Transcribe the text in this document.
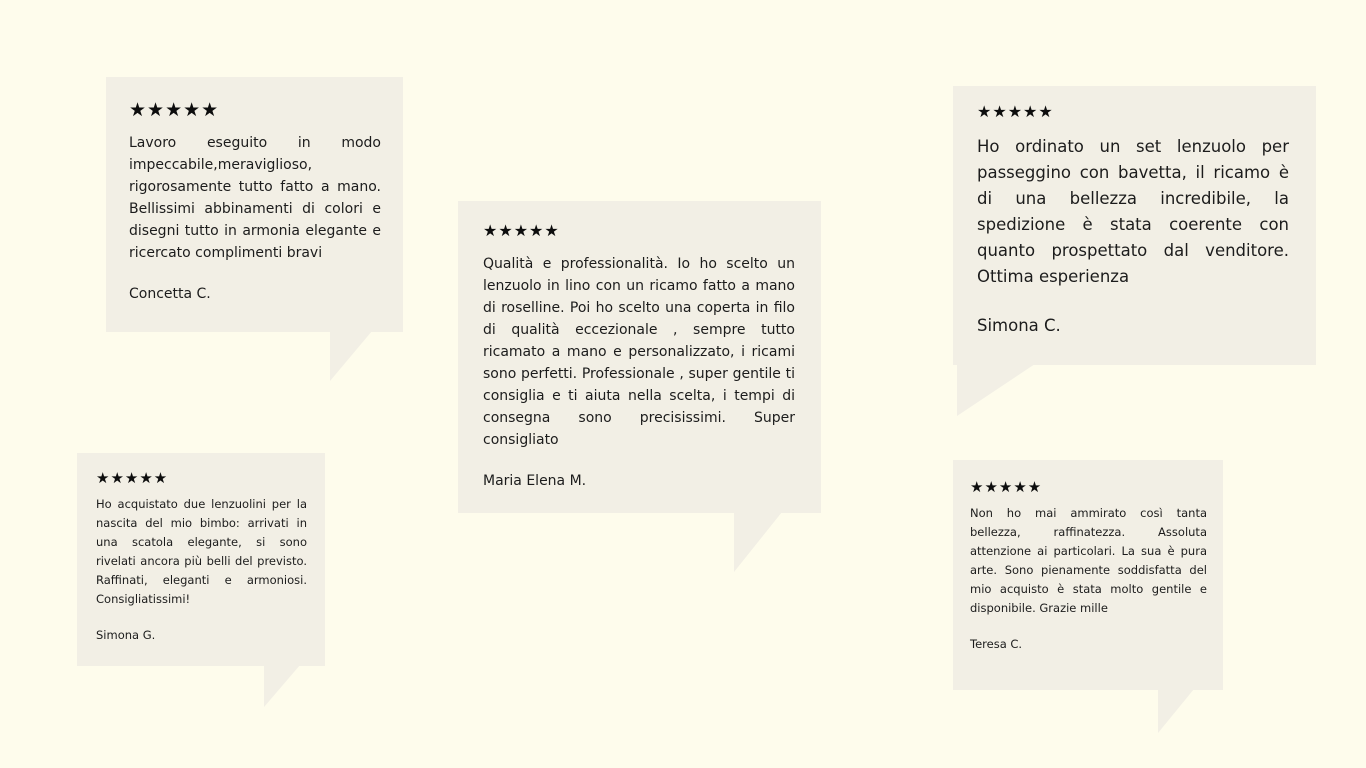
★★★★★

Lavoro eseguito in modo impeccabile,meraviglioso, rigorosamente tutto fatto a mano. Bellissimi abbinamenti di colori e disegni tutto in armonia elegante e ricercato complimenti bravi

Concetta C.

★★★★★

Qualità e professionalità. Io ho scelto un lenzuolo in lino con un ricamo fatto a mano di roselline. Poi ho scelto una coperta in filo di qualità eccezionale , sempre tutto ricamato a mano e personalizzato, i ricami sono perfetti. Professionale , super gentile ti consiglia e ti aiuta nella scelta, i tempi di consegna sono precisissimi. Super consigliato

Maria Elena M.

★★★★★

Ho ordinato un set lenzuolo per passeggino con bavetta, il ricamo è di una bellezza incredibile, la spedizione è stata coerente con quanto prospettato dal venditore. Ottima esperienza

Simona C.

★★★★★

Ho acquistato due lenzuolini per la nascita del mio bimbo: arrivati in una scatola elegante, si sono rivelati ancora più belli del previsto. Raffinati, eleganti e armoniosi. Consigliatissimi!

Simona G.

★★★★★

Non ho mai ammirato così tanta bellezza, raffinatezza. Assoluta attenzione ai particolari. La sua è pura arte. Sono pienamente soddisfatta del mio acquisto è stata molto gentile e disponibile. Grazie mille

Teresa C.
